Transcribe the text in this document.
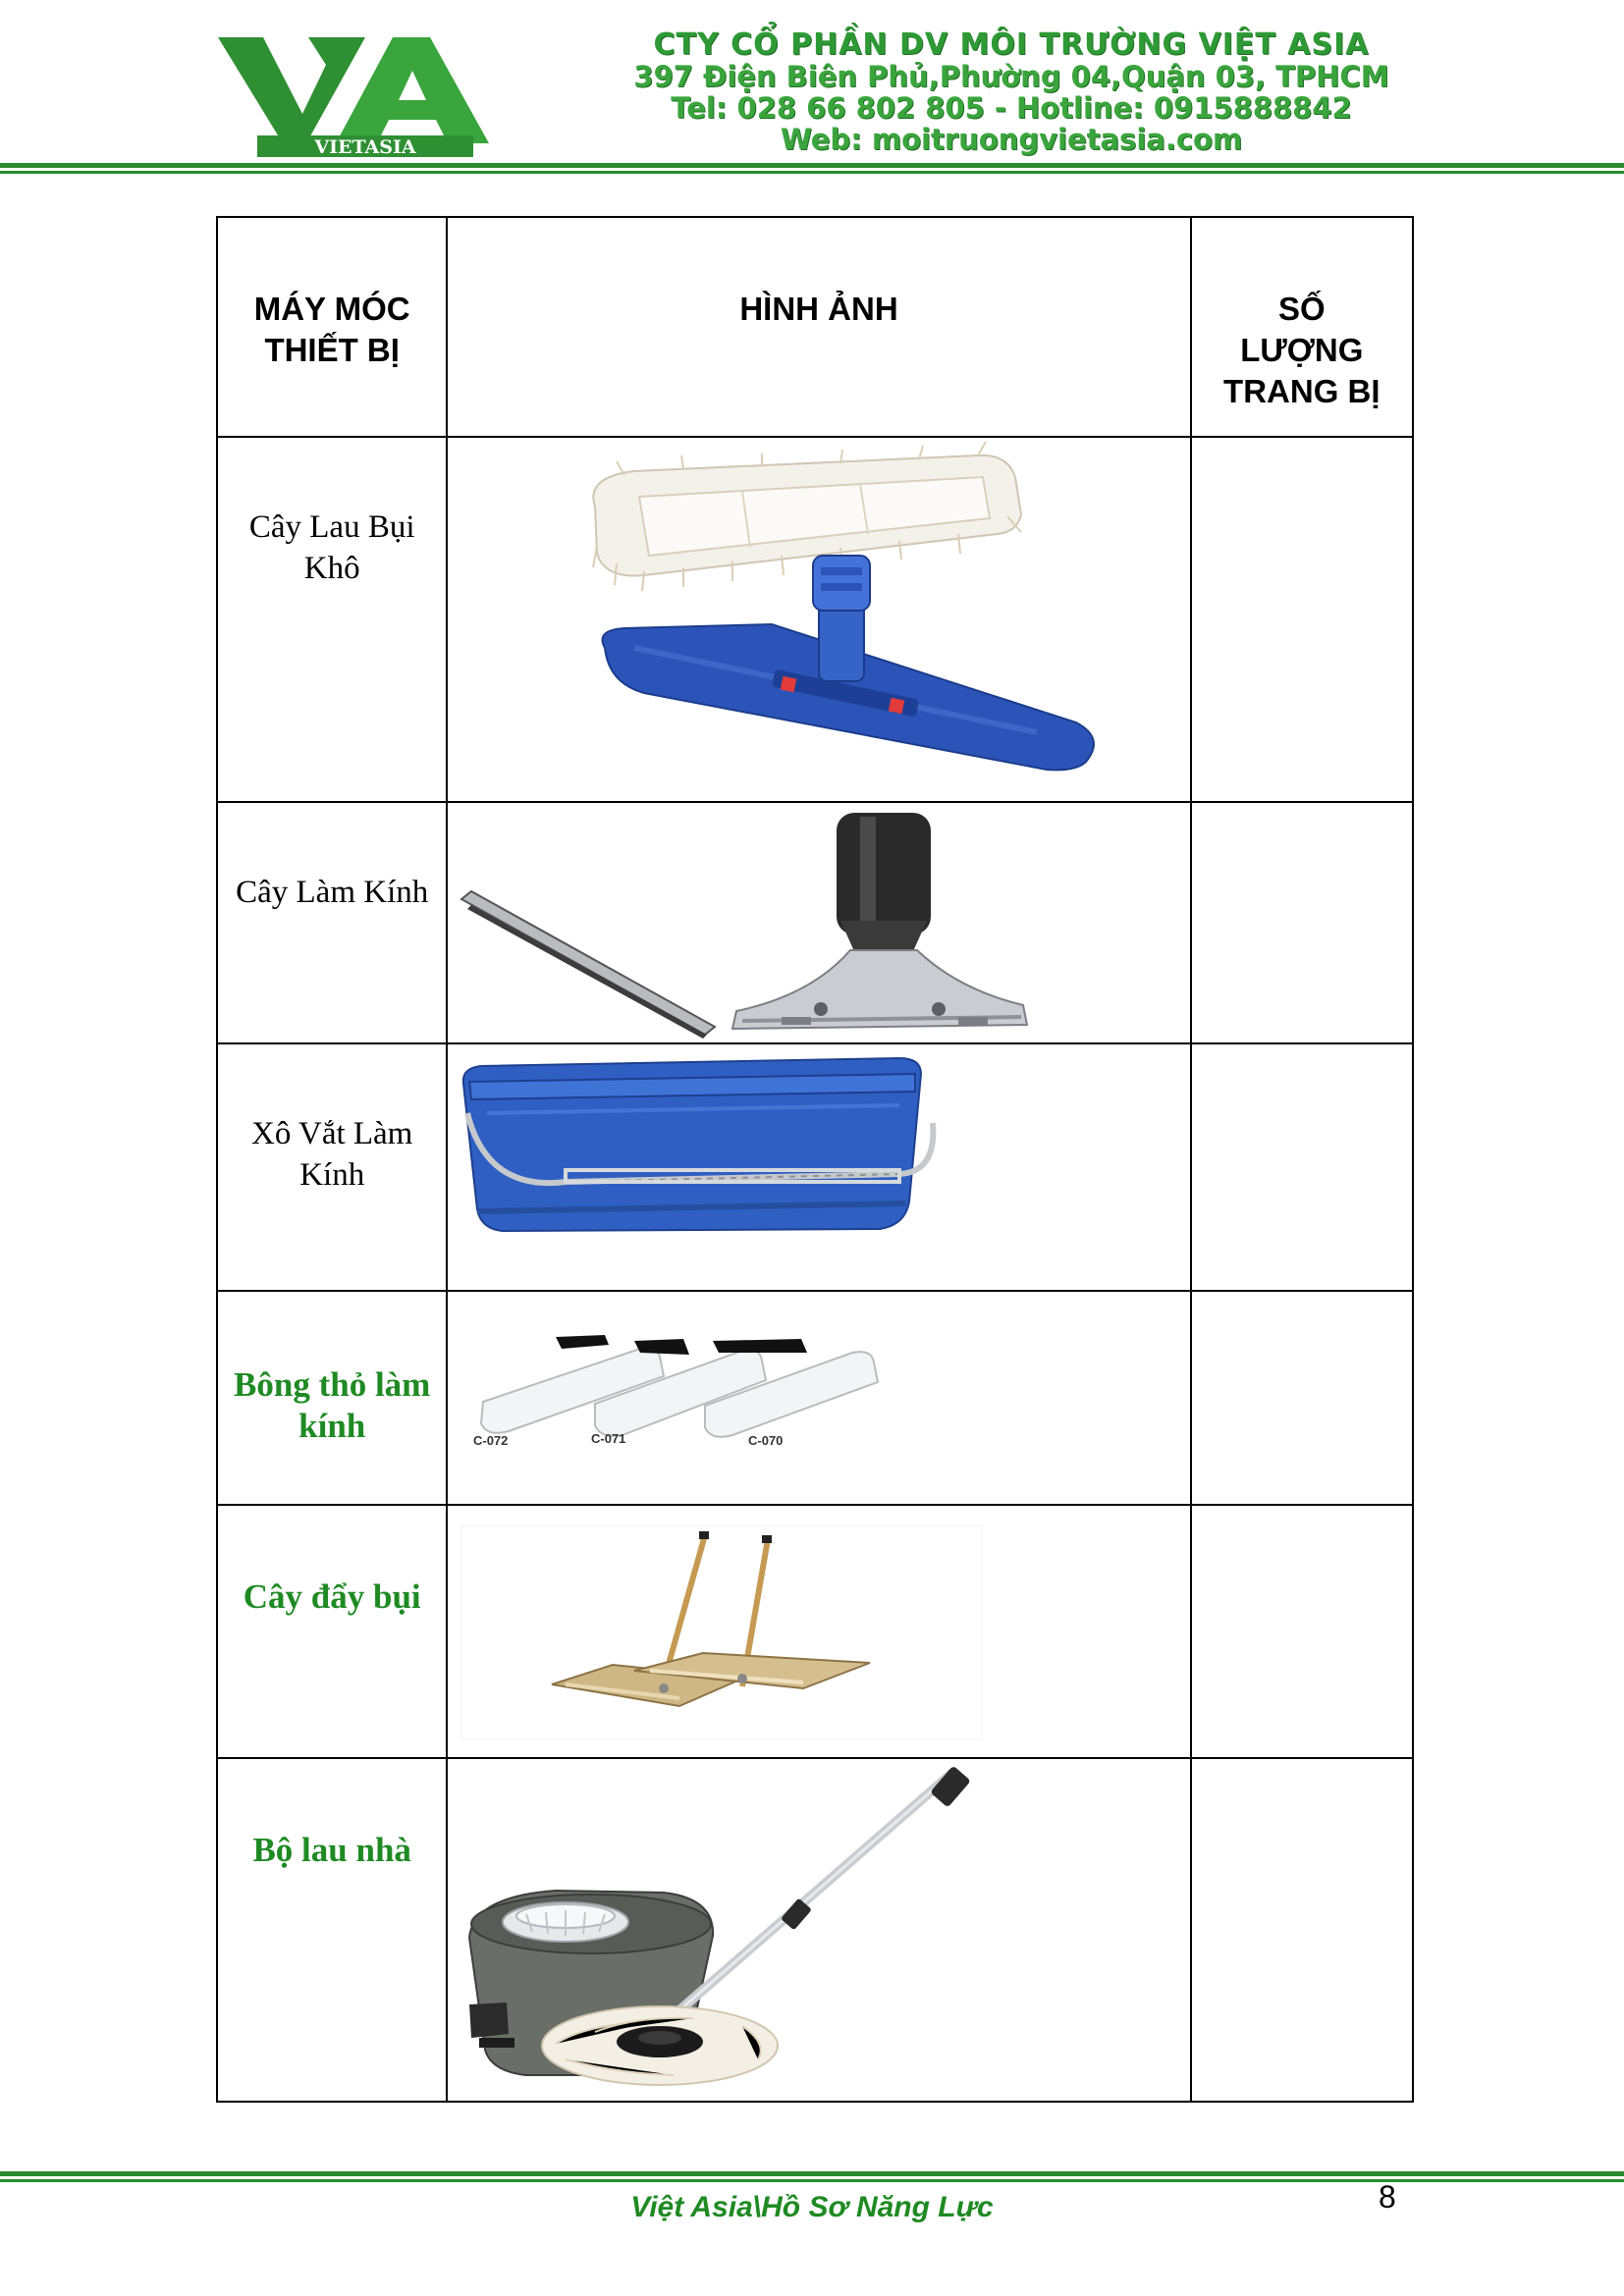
VIETASIA
CTY CỔ PHẦN DV MÔI TRƯỜNG VIỆT ASIA
397 Điện Biên Phủ,Phường 04,Quận 03, TPHCM
Tel: 028 66 802 805 - Hotline: 0915888842
Web: moitruongvietasia.com
MÁY MÓC THIẾT BỊ	HÌNH ẢNH	SỐ LƯỢNG TRANG BỊ

Cây Lau Bụi Khô

Cây Làm Kính

Xô Vắt Làm Kính

Bông thỏ làm kính	C-072 C-071 C-070	

Cây đẩy bụi

Bộ lau nhà

Việt Asia\Hồ Sơ Năng Lực	8
